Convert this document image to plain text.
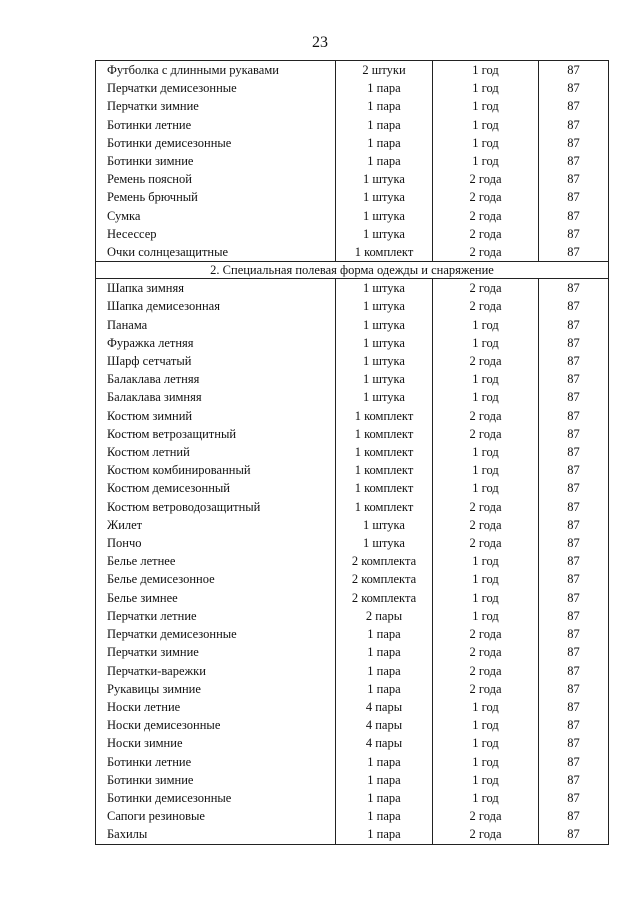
23
Футболка с длинными рукавами	2 штуки	1 год	87
Перчатки демисезонные	1 пара	1 год	87
Перчатки зимние	1 пара	1 год	87
Ботинки летние	1 пара	1 год	87
Ботинки демисезонные	1 пара	1 год	87
Ботинки зимние	1 пара	1 год	87
Ремень поясной	1 штука	2 года	87
Ремень брючный	1 штука	2 года	87
Сумка	1 штука	2 года	87
Несессер	1 штука	2 года	87
Очки солнцезащитные	1 комплект	2 года	87
2. Специальная полевая форма одежды и снаряжение			
Шапка зимняя	1 штука	2 года	87
Шапка демисезонная	1 штука	2 года	87
Панама	1 штука	1 год	87
Фуражка летняя	1 штука	1 год	87
Шарф сетчатый	1 штука	2 года	87
Балаклава летняя	1 штука	1 год	87
Балаклава зимняя	1 штука	1 год	87
Костюм зимний	1 комплект	2 года	87
Костюм ветрозащитный	1 комплект	2 года	87
Костюм летний	1 комплект	1 год	87
Костюм комбинированный	1 комплект	1 год	87
Костюм демисезонный	1 комплект	1 год	87
Костюм ветроводозащитный	1 комплект	2 года	87
Жилет	1 штука	2 года	87
Пончо	1 штука	2 года	87
Белье летнее	2 комплекта	1 год	87
Белье демисезонное	2 комплекта	1 год	87
Белье зимнее	2 комплекта	1 год	87
Перчатки летние	2 пары	1 год	87
Перчатки демисезонные	1 пара	2 года	87
Перчатки зимние	1 пара	2 года	87
Перчатки-варежки	1 пара	2 года	87
Рукавицы зимние	1 пара	2 года	87
Носки летние	4 пары	1 год	87
Носки демисезонные	4 пары	1 год	87
Носки зимние	4 пары	1 год	87
Ботинки летние	1 пара	1 год	87
Ботинки зимние	1 пара	1 год	87
Ботинки демисезонные	1 пара	1 год	87
Сапоги резиновые	1 пара	2 года	87
Бахилы	1 пара	2 года	87
